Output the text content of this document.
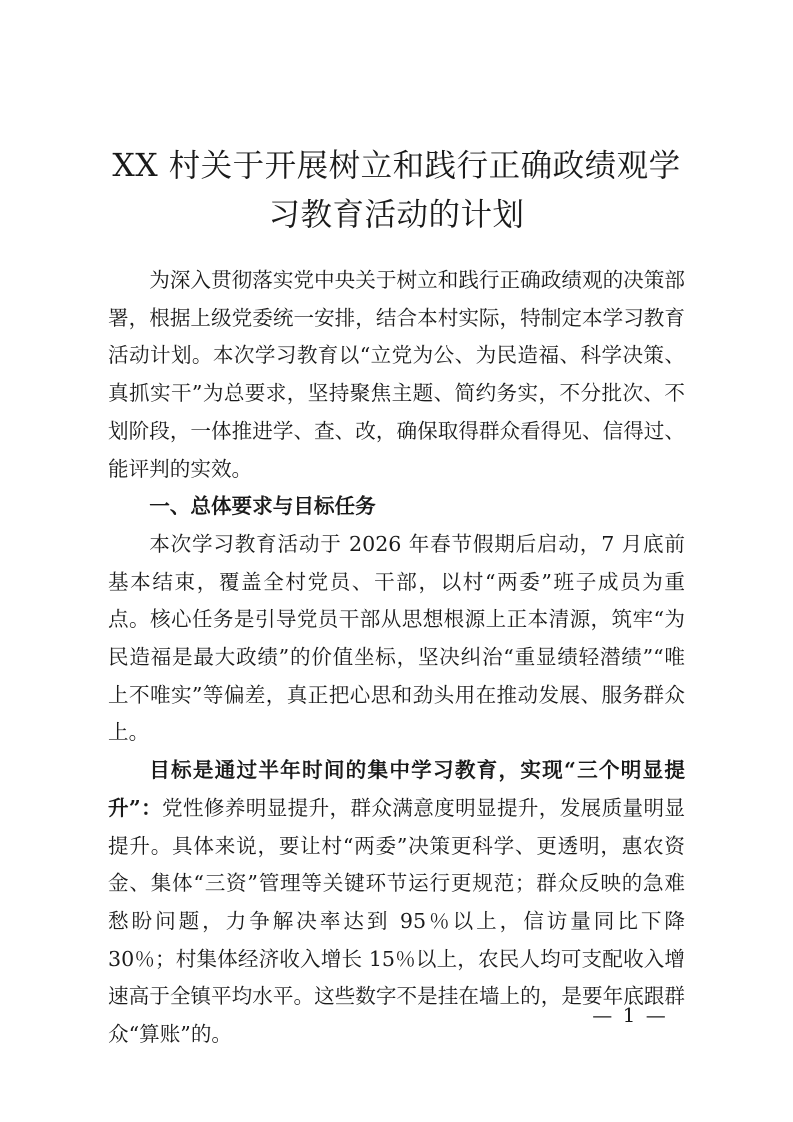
XX 村关于开展树立和践行正确政绩观学习教育活动的计划

为深入贯彻落实党中央关于树立和践行正确政绩观的决策部署，根据上级党委统一安排，结合本村实际，特制定本学习教育活动计划。本次学习教育以“立党为公、为民造福、科学决策、真抓实干”为总要求，坚持聚焦主题、简约务实，不分批次、不划阶段，一体推进学、查、改，确保取得群众看得见、信得过、能评判的实效。

一、总体要求与目标任务

本次学习教育活动于 2026 年春节假期后启动，7 月底前基本结束，覆盖全村党员、干部，以村“两委”班子成员为重点。核心任务是引导党员干部从思想根源上正本清源，筑牢“为民造福是最大政绩”的价值坐标，坚决纠治“重显绩轻潜绩”“唯上不唯实”等偏差，真正把心思和劲头用在推动发展、服务群众上。

目标是通过半年时间的集中学习教育，实现“三个明显提升”：党性修养明显提升，群众满意度明显提升，发展质量明显提升。具体来说，要让村“两委”决策更科学、更透明，惠农资金、集体“三资”管理等关键环节运行更规范；群众反映的急难愁盼问题，力争解决率达到 95％以上，信访量同比下降 30％；村集体经济收入增长 15％以上，农民人均可支配收入增速高于全镇平均水平。这些数字不是挂在墙上的，是要年底跟群众“算账”的。

— 1 —
